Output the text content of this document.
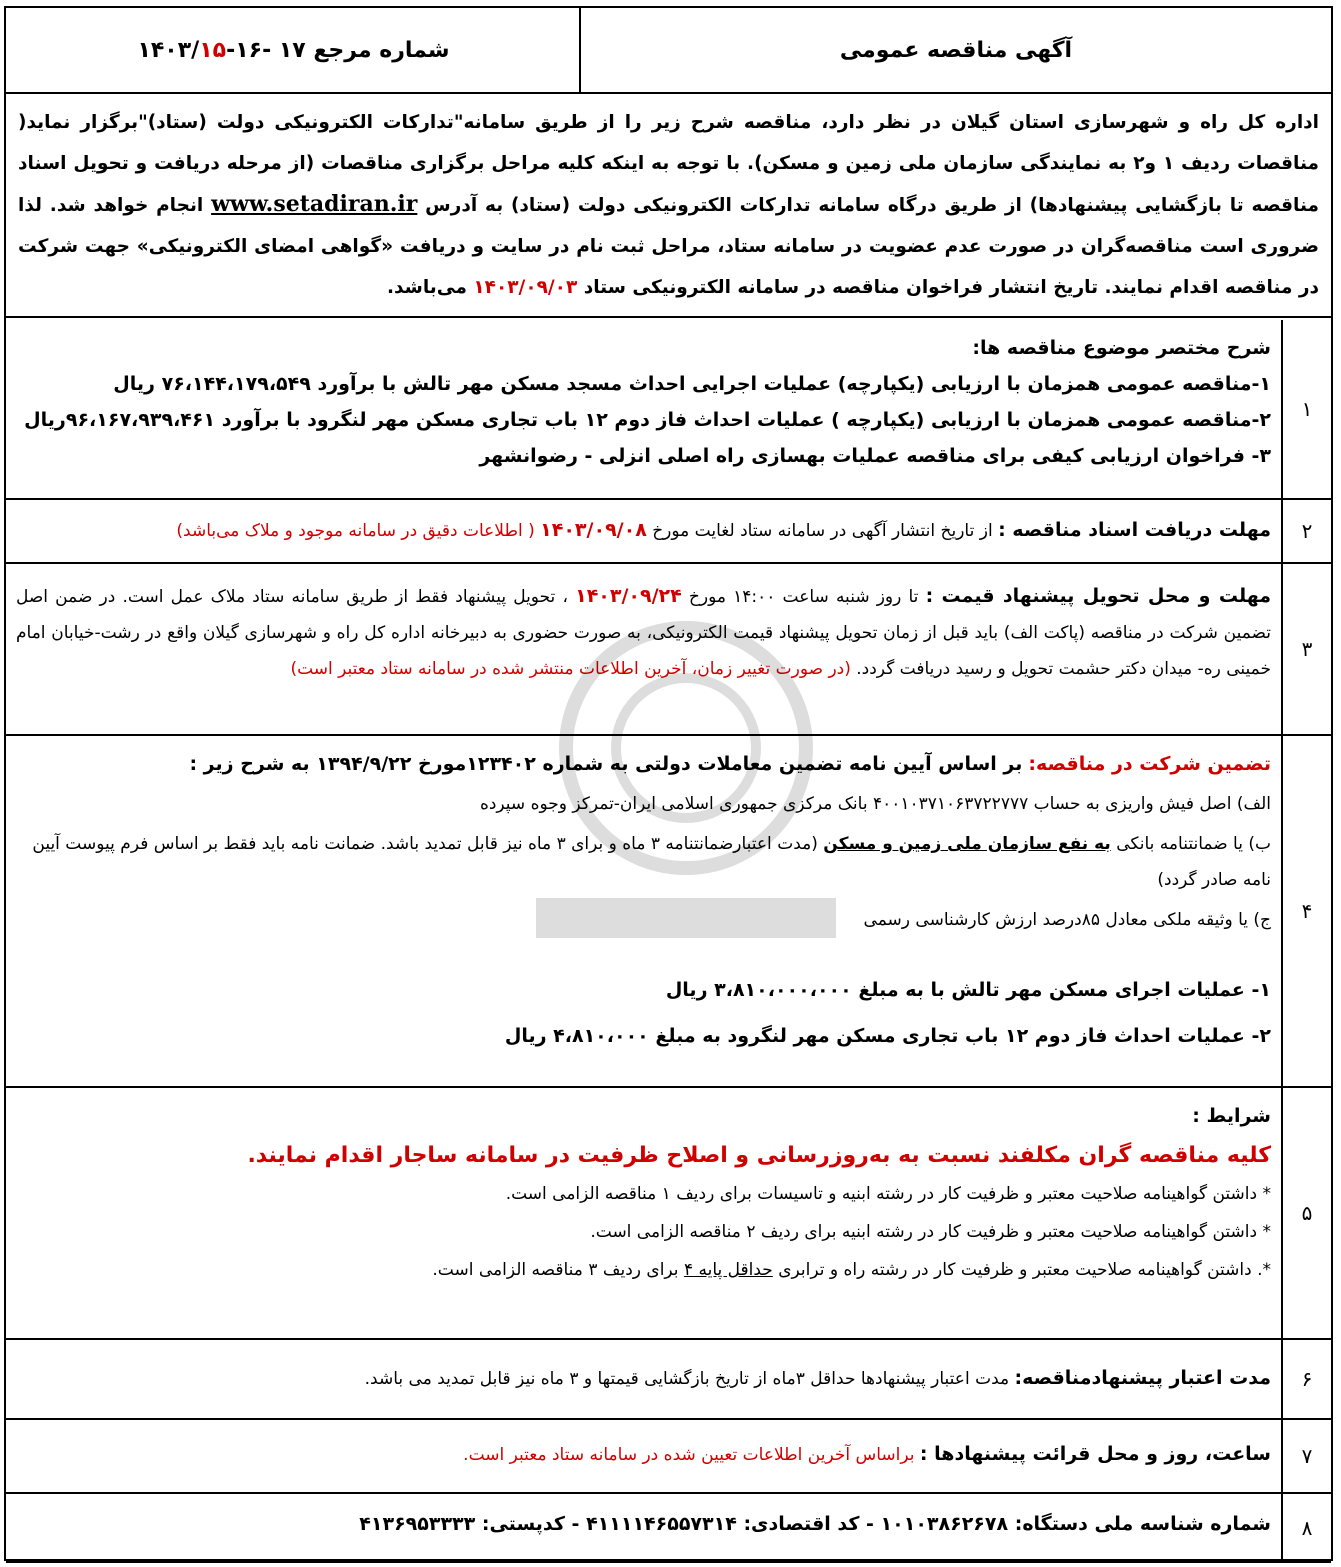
آگهی مناقصه عمومی
شماره مرجع

۱۷ -۱۶-
۱۵
/۱۴۰۳
اداره کل راه و شهرسازی استان گیلان در نظر دارد، مناقصه شرح زیر را از طریق سامانه"تدارکات الکترونیکی دولت (ستاد)"برگزار نماید( مناقصات ردیف ۱ و۲ به نمایندگی سازمان ملی زمین و مسکن). با توجه به اینکه کلیه مراحل برگزاری مناقصات (از مرحله دریافت و تحویل اسناد مناقصه تا بازگشایی پیشنهادها) از طریق درگاه سامانه تدارکات الکترونیکی دولت (ستاد) به آدرس www.setadiran.ir انجام خواهد شد. لذا ضروری است مناقصه‌گران در صورت عدم عضویت در سامانه ستاد، مراحل ثبت نام در سایت و دریافت «گواهی امضای الکترونیکی» جهت شرکت در مناقصه اقدام نمایند. تاریخ انتشار فراخوان مناقصه در سامانه الکترونیکی ستاد ۱۴۰۳/۰۹/۰۳ می‌باشد.
۱
شرح مختصر موضوع مناقصه ها:
۱-مناقصه عمومی همزمان با ارزیابی (یکپارچه) عملیات اجرایی احداث مسجد مسکن مهر تالش با برآورد ۷۶،۱۴۴،۱۷۹،۵۴۹ ریال
۲-مناقصه عمومی همزمان با ارزیابی (یکپارچه ) عملیات احداث فاز دوم ۱۲ باب تجاری مسکن مهر لنگرود با برآورد ۹۶،۱۶۷،۹۳۹،۴۶۱ریال
۳- فراخوان ارزیابی کیفی برای مناقصه عملیات بهسازی راه اصلی انزلی - رضوانشهر
۲
مهلت دریافت اسناد مناقصه : از تاریخ انتشار آگهی در سامانه ستاد لغایت مورخ ۱۴۰۳/۰۹/۰۸ ( اطلاعات دقیق در سامانه موجود و ملاک می‌باشد)
۳
مهلت و محل تحویل پیشنهاد قیمت : تا روز شنبه ساعت ۱۴:۰۰ مورخ ۱۴۰۳/۰۹/۲۴ ، تحویل پیشنهاد فقط از طریق سامانه ستاد ملاک عمل است. در ضمن اصل تضمین شرکت در مناقصه (پاکت الف) باید قبل از زمان تحویل پیشنهاد قیمت الکترونیکی، به صورت حضوری به دبیرخانه اداره کل راه و شهرسازی گیلان واقع در رشت-خیابان امام خمینی ره- میدان دکتر حشمت تحویل و رسید دریافت گردد. (در صورت تغییر زمان، آخرین اطلاعات منتشر شده در سامانه ستاد معتبر است)
۴
تضمین شرکت در مناقصه: بر اساس آیین نامه تضمین معاملات دولتی به شماره ۱۲۳۴۰۲مورخ ۱۳۹۴/۹/۲۲ به شرح زیر :
الف) اصل فیش واریزی به حساب ۴۰۰۱۰۳۷۱۰۶۳۷۲۲۷۷۷ بانک مرکزی جمهوری اسلامی ایران-تمرکز وجوه سپرده
ب) یا ضمانتنامه بانکی به نفع سازمان ملی زمین و مسکن (مدت اعتبارضمانتنامه ۳ ماه و برای ۳ ماه نیز قابل تمدید باشد. ضمانت نامه باید فقط بر اساس فرم پیوست آیین نامه صادر گردد)
ج) یا وثیقه ملکی معادل ۸۵درصد ارزش کارشناسی رسمی
۱- عملیات اجرای مسکن مهر تالش با به مبلغ ۳،۸۱۰،۰۰۰،۰۰۰ ریال
۲- عملیات احداث فاز دوم ۱۲ باب تجاری مسکن مهر لنگرود به مبلغ ۴،۸۱۰،۰۰۰ ریال
۵
شرایط :
کلیه مناقصه گران مکلفند نسبت به به‌روزرسانی و اصلاح ظرفیت در سامانه ساجار اقدام نمایند.
* داشتن گواهینامه صلاحیت معتبر و ظرفیت کار در رشته ابنیه و تاسیسات برای ردیف ۱ مناقصه الزامی است.
* داشتن گواهینامه صلاحیت معتبر و ظرفیت کار در رشته ابنیه برای ردیف ۲ مناقصه الزامی است.
*. داشتن گواهینامه صلاحیت معتبر و ظرفیت کار در رشته راه و ترابری حداقل پایه ۴ برای ردیف ۳ مناقصه الزامی است.
۶
مدت اعتبار پیشنهادمناقصه: مدت اعتبار پیشنهادها حداقل ۳ماه از تاریخ بازگشایی قیمتها و ۳ ماه نیز قابل تمدید می باشد.
۷
ساعت، روز و محل قرائت پیشنهادها : براساس آخرین اطلاعات تعیین شده در سامانه ستاد معتبر است.
۸
شماره شناسه ملی دستگاه: ۱۰۱۰۳۸۶۲۶۷۸ - کد اقتصادی: ۴۱۱۱۱۴۶۵۵۷۳۱۴ - کدپستی: ۴۱۳۶۹۵۳۳۳۳
